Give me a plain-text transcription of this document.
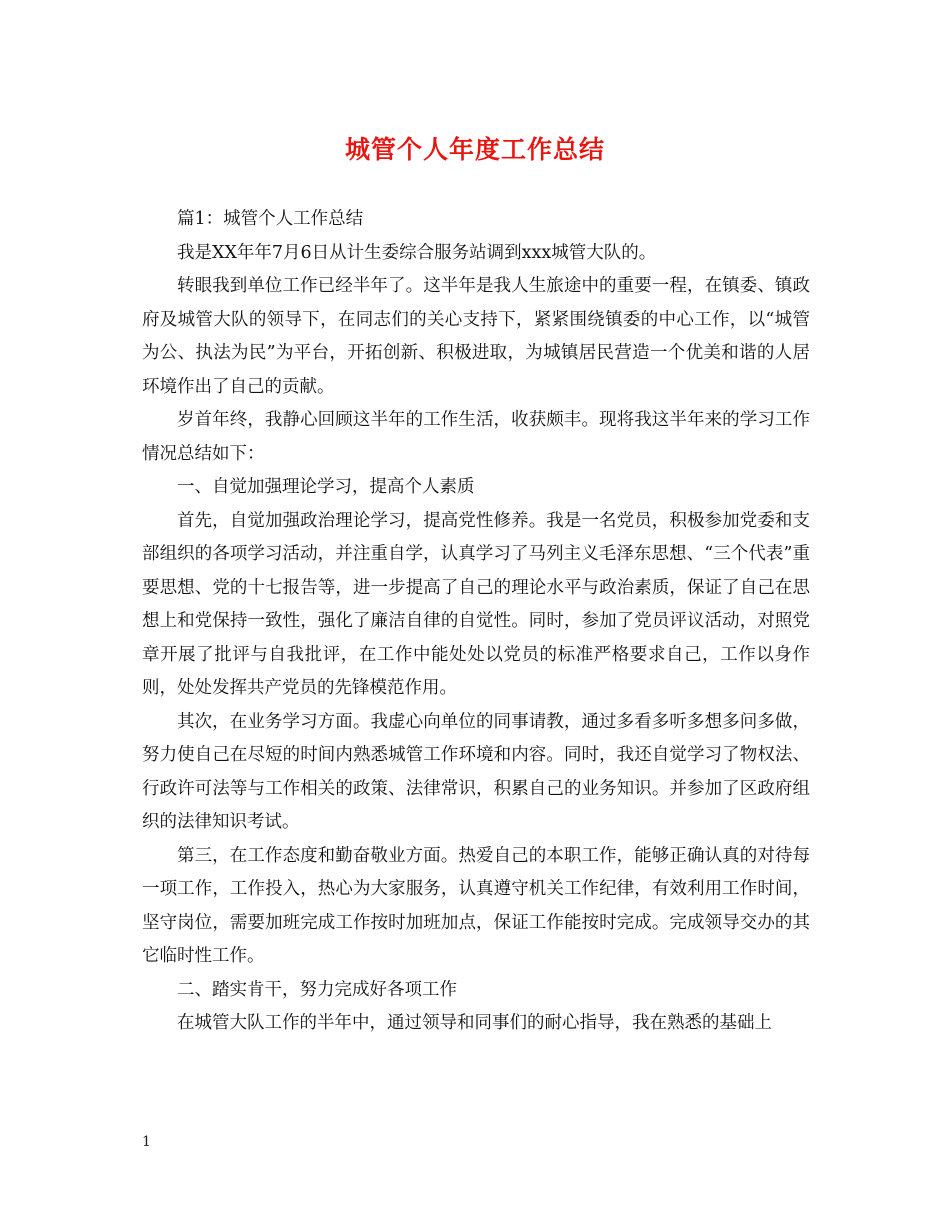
城管个人年度工作总结

篇1：城管个人工作总结

我是XX年年7月6日从计生委综合服务站调到xxx城管大队的。

转眼我到单位工作已经半年了。这半年是我人生旅途中的重要一程，在镇委、镇政府及城管大队的领导下，在同志们的关心支持下，紧紧围绕镇委的中心工作，以“城管为公、执法为民”为平台，开拓创新、积极进取，为城镇居民营造一个优美和谐的人居环境作出了自己的贡献。

岁首年终，我静心回顾这半年的工作生活，收获颇丰。现将我这半年来的学习工作情况总结如下：

一、自觉加强理论学习，提高个人素质

首先，自觉加强政治理论学习，提高党性修养。我是一名党员，积极参加党委和支部组织的各项学习活动，并注重自学，认真学习了马列主义毛泽东思想、“三个代表”重要思想、党的十七报告等，进一步提高了自己的理论水平与政治素质，保证了自己在思想上和党保持一致性，强化了廉洁自律的自觉性。同时，参加了党员评议活动，对照党章开展了批评与自我批评，在工作中能处处以党员的标准严格要求自己，工作以身作则，处处发挥共产党员的先锋模范作用。

其次，在业务学习方面。我虚心向单位的同事请教，通过多看多听多想多问多做，努力使自己在尽短的时间内熟悉城管工作环境和内容。同时，我还自觉学习了物权法、行政许可法等与工作相关的政策、法律常识，积累自己的业务知识。并参加了区政府组织的法律知识考试。

第三，在工作态度和勤奋敬业方面。热爱自己的本职工作，能够正确认真的对待每一项工作，工作投入，热心为大家服务，认真遵守机关工作纪律，有效利用工作时间，坚守岗位，需要加班完成工作按时加班加点，保证工作能按时完成。完成领导交办的其它临时性工作。

二、踏实肯干，努力完成好各项工作

在城管大队工作的半年中，通过领导和同事们的耐心指导，我在熟悉的基础上

1
